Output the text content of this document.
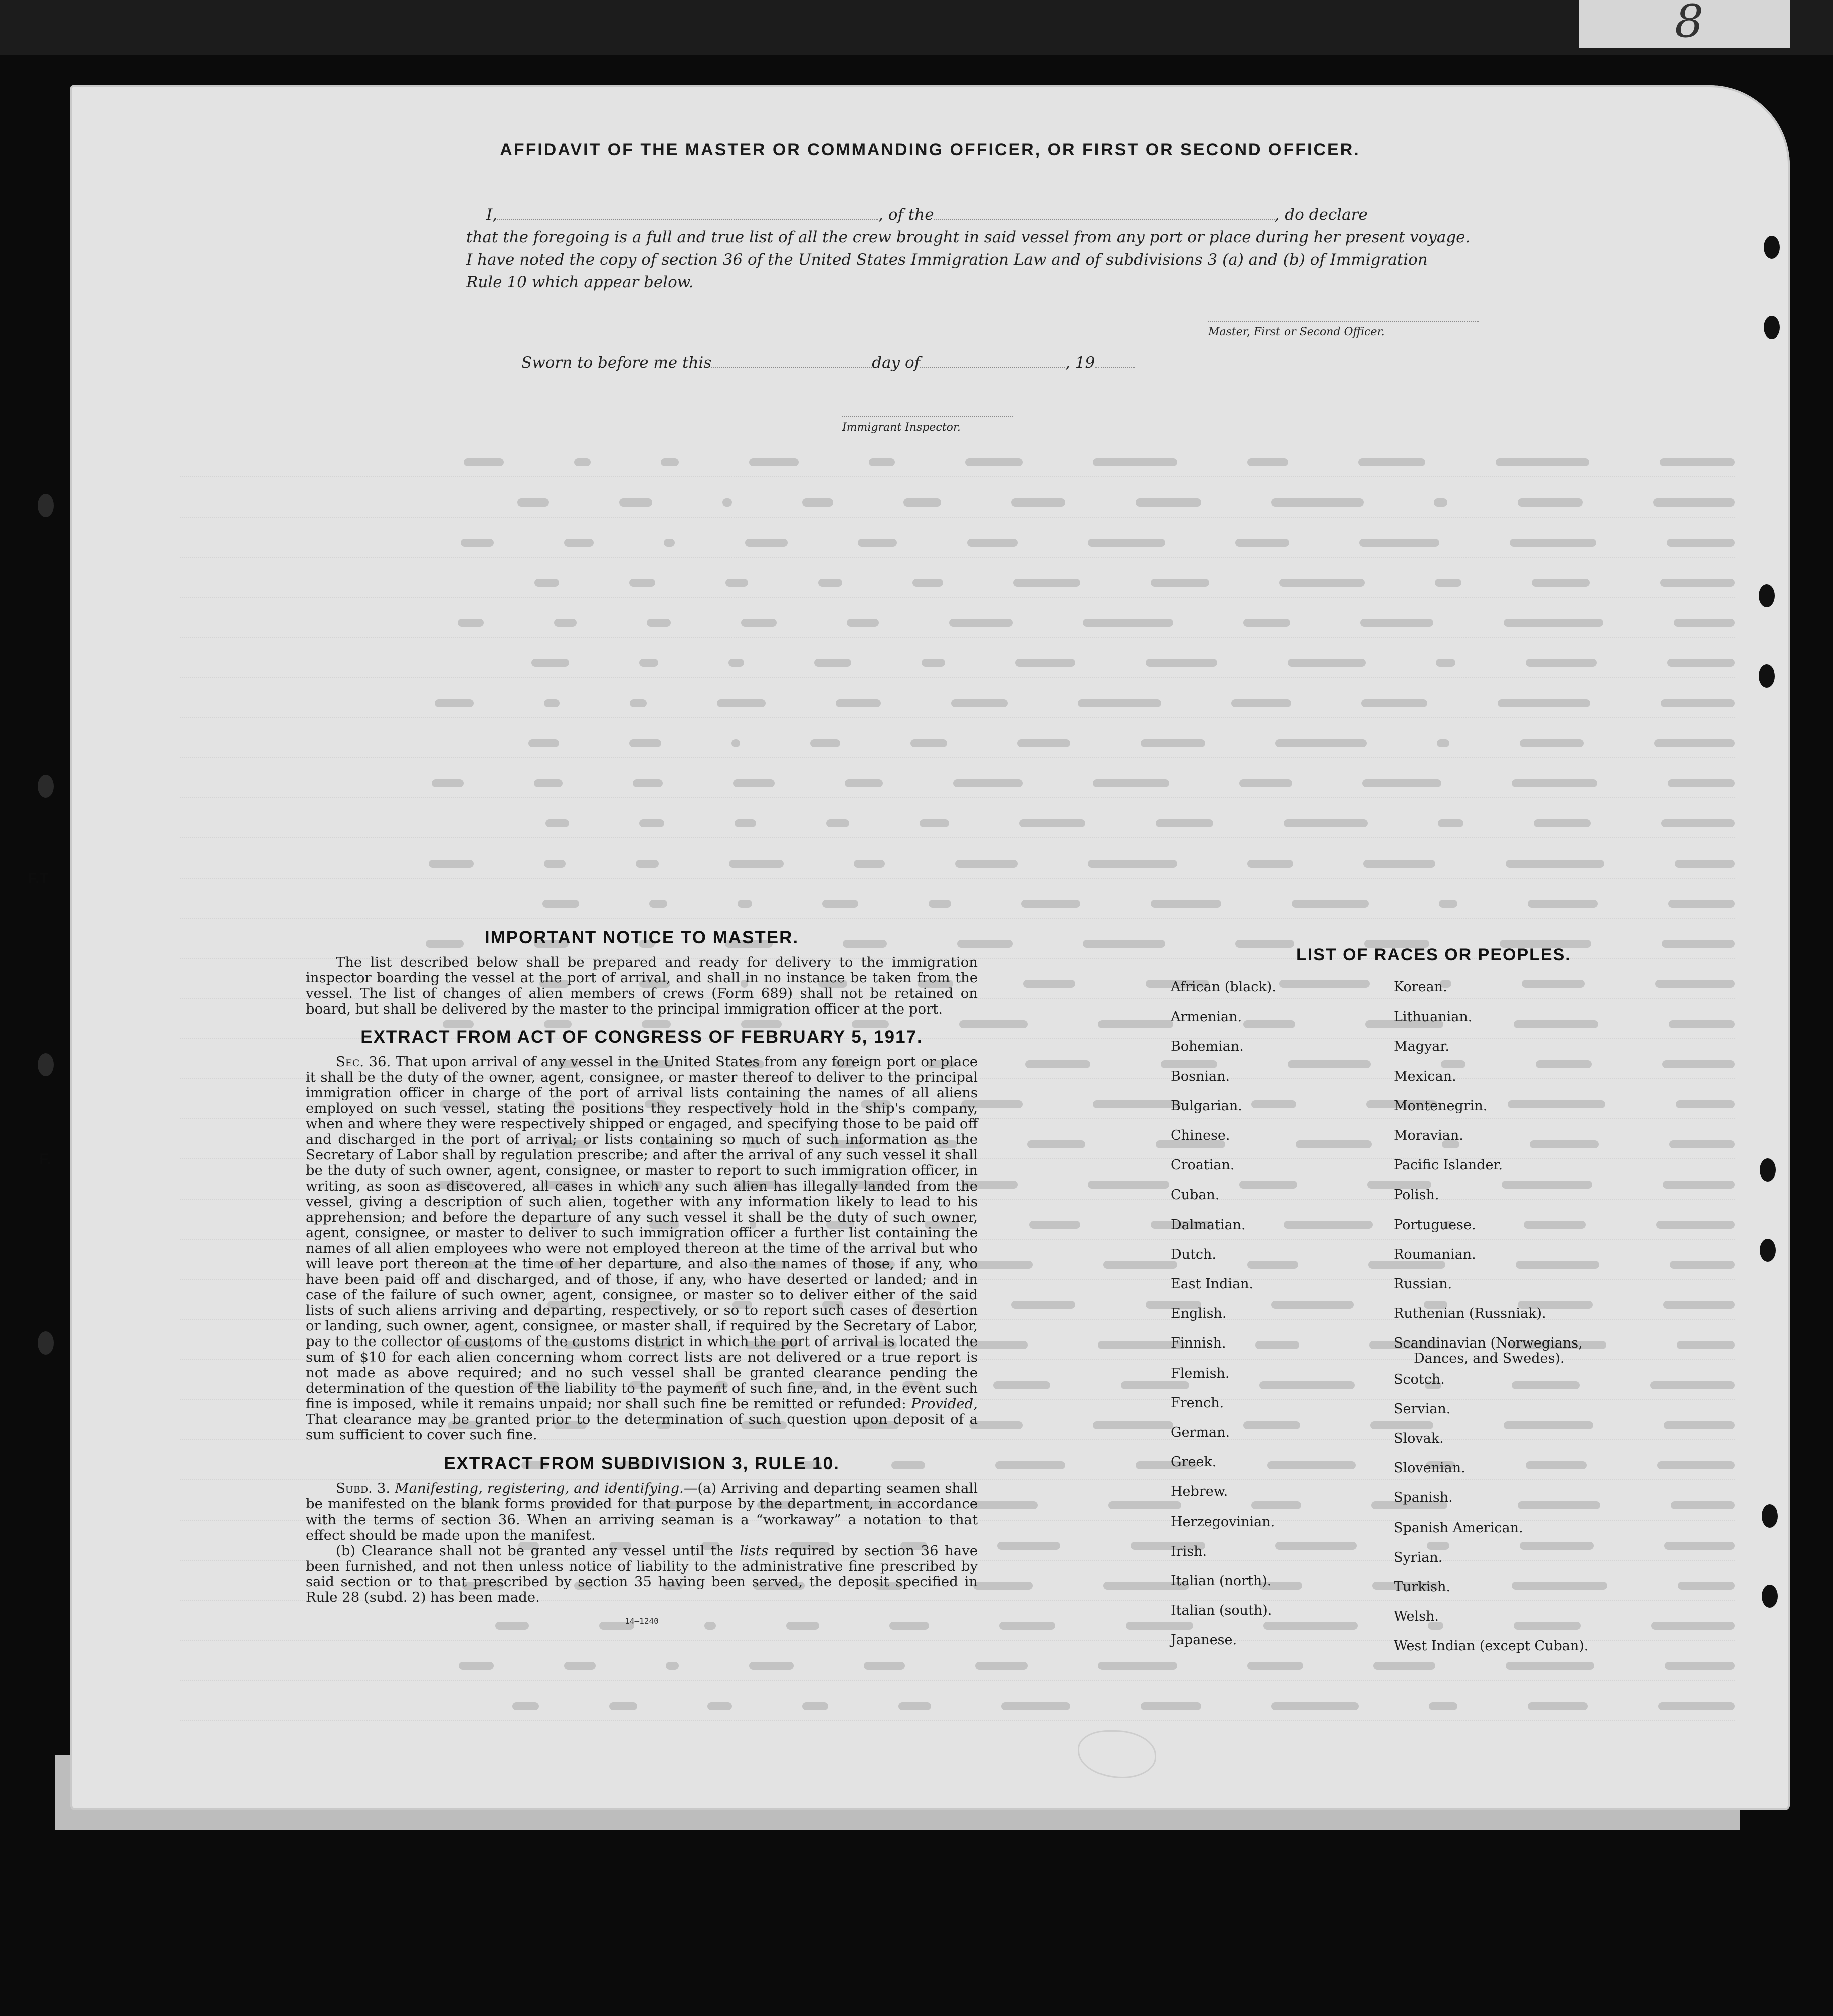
8
AFFIDAVIT OF THE MASTER OR COMMANDING OFFICER, OR FIRST OR SECOND OFFICER.
I,	, of the	, do declare
that the foregoing is a full and true list of all the crew brought in said vessel from any port or place during her present voyage.
I have noted the copy of section 36 of the United States Immigration Law and of subdivisions 3 (a) and (b) of Immigration
Rule 10 which appear below.
Master, First or Second Officer.
Sworn to before me this	day of	, 19
Immigrant Inspector.
IMPORTANT NOTICE TO MASTER.

The list described below shall be prepared and ready for delivery to the immigration inspector boarding the vessel at the port of arrival, and shall in no instance be taken from the vessel. The list of changes of alien members of crews (Form 689) shall not be retained on board, but shall be delivered by the master to the principal immigration officer at the port.

EXTRACT FROM ACT OF CONGRESS OF FEBRUARY 5, 1917.

Sec. 36. That upon arrival of any vessel in the United States from any foreign port or place it shall be the duty of the owner, agent, consignee, or master thereof to deliver to the principal immigration officer in charge of the port of arrival lists containing the names of all aliens employed on such vessel, stating the positions they respectively hold in the ship's company, when and where they were respectively shipped or engaged, and specifying those to be paid off and discharged in the port of arrival; or lists containing so much of such information as the Secretary of Labor shall by regulation prescribe; and after the arrival of any such vessel it shall be the duty of such owner, agent, consignee, or master to report to such immigration officer, in writing, as soon as discovered, all cases in which any such alien has illegally landed from the vessel, giving a description of such alien, together with any information likely to lead to his apprehension; and before the departure of any such vessel it shall be the duty of such owner, agent, consignee, or master to deliver to such immigration officer a further list containing the names of all alien employees who were not employed thereon at the time of the arrival but who will leave port thereon at the time of her departure, and also the names of those, if any, who have been paid off and discharged, and of those, if any, who have deserted or landed; and in case of the failure of such owner, agent, consignee, or master so to deliver either of the said lists of such aliens arriving and departing, respectively, or so to report such cases of desertion or landing, such owner, agent, consignee, or master shall, if required by the Secretary of Labor, pay to the collector of customs of the customs district in which the port of arrival is located the sum of $10 for each alien concerning whom correct lists are not delivered or a true report is not made as above required; and no such vessel shall be granted clearance pending the determination of the question of the liability to the payment of such fine, and, in the event such fine is imposed, while it remains unpaid; nor shall such fine be remitted or refunded: Provided, That clearance may be granted prior to the determination of such question upon deposit of a sum sufficient to cover such fine.

EXTRACT FROM SUBDIVISION 3, RULE 10.

Subd. 3. Manifesting, registering, and identifying.—(a) Arriving and departing seamen shall be manifested on the blank forms provided for that purpose by the department, in accordance with the terms of section 36. When an arriving seaman is a “workaway” a notation to that effect should be made upon the manifest.

(b) Clearance shall not be granted any vessel until the lists required by section 36 have been furnished, and not then unless notice of liability to the administrative fine prescribed by said section or to that prescribed by section 35 having been served, the deposit specified in Rule 28 (subd. 2) has been made.

14—1240
LIST OF RACES OR PEOPLES.
African (black).
Armenian.
Bohemian.
Bosnian.
Bulgarian.
Chinese.
Croatian.
Cuban.
Dalmatian.
Dutch.
East Indian.
English.
Finnish.
Flemish.
French.
German.
Greek.
Hebrew.
Herzegovinian.
Irish.
Italian (north).
Italian (south).
Japanese.
Korean.
Lithuanian.
Magyar.
Mexican.
Montenegrin.
Moravian.
Pacific Islander.
Polish.
Portuguese.
Roumanian.
Russian.
Ruthenian (Russniak).
Scandinavian (Norwegians,
Dances, and Swedes).
Scotch.
Servian.
Slovak.
Slovenian.
Spanish.
Spanish American.
Syrian.
Turkish.
Welsh.
West Indian (except Cuban).
F.T
F.
